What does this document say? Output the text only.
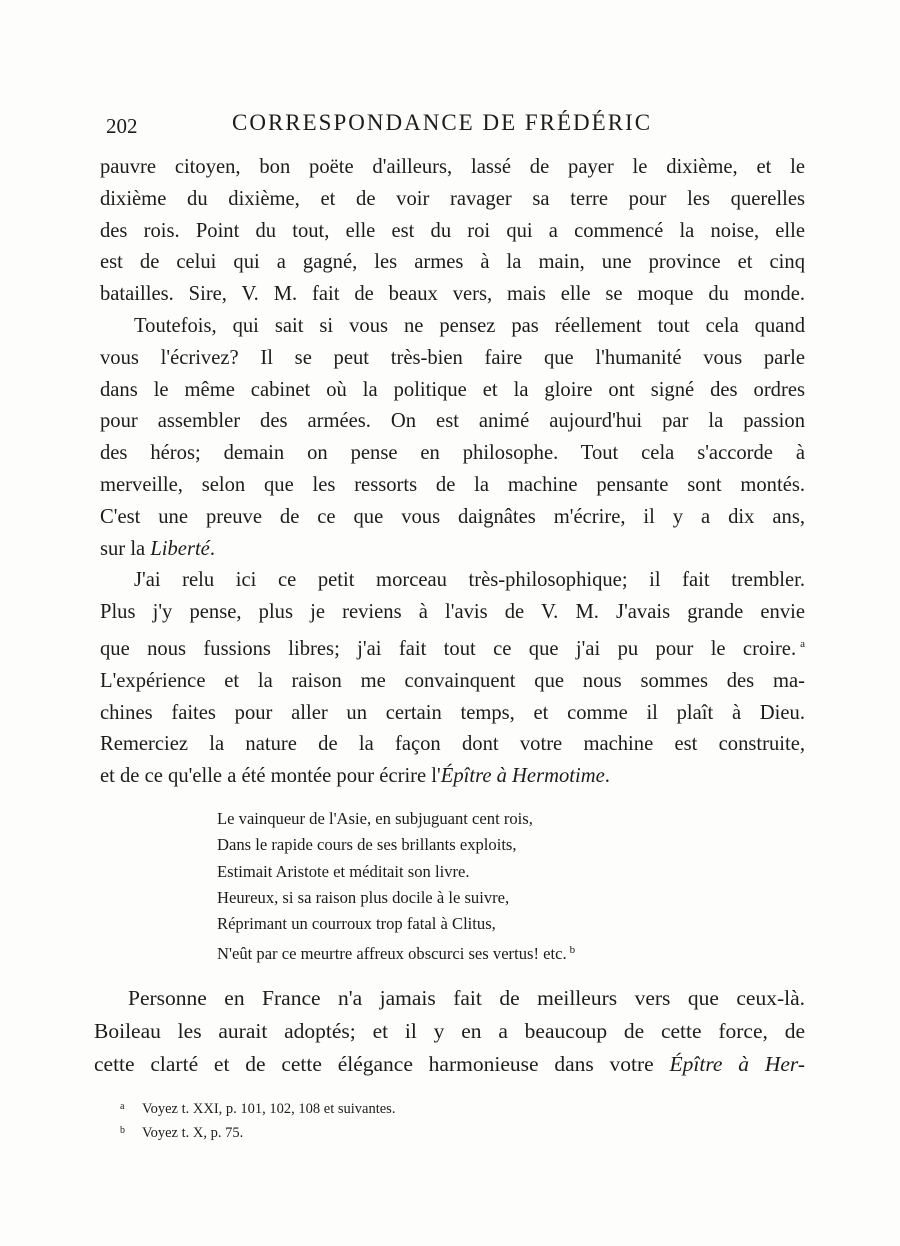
202	CORRESPONDANCE DE FRÉDÉRIC

pauvre citoyen, bon poëte d'ailleurs, lassé de payer le dixième, et le
dixième du dixième, et de voir ravager sa terre pour les querelles
des rois. Point du tout, elle est du roi qui a commencé la noise, elle
est de celui qui a gagné, les armes à la main, une province et cinq
batailles. Sire, V. M. fait de beaux vers, mais elle se moque du monde.

Toutefois, qui sait si vous ne pensez pas réellement tout cela quand
vous l'écrivez? Il se peut très-bien faire que l'humanité vous parle
dans le même cabinet où la politique et la gloire ont signé des ordres
pour assembler des armées. On est animé aujourd'hui par la passion
des héros; demain on pense en philosophe. Tout cela s'accorde à
merveille, selon que les ressorts de la machine pensante sont montés.
C'est une preuve de ce que vous daignâtes m'écrire, il y a dix ans,
sur la Liberté.

J'ai relu ici ce petit morceau très-philosophique; il fait trembler.
Plus j'y pense, plus je reviens à l'avis de V. M. J'avais grande envie
que nous fussions libres; j'ai fait tout ce que j'ai pu pour le croire. $^a$
L'expérience et la raison me convainquent que nous sommes des ma-
chines faites pour aller un certain temps, et comme il plaît à Dieu.
Remerciez la nature de la façon dont votre machine est construite,
et de ce qu'elle a été montée pour écrire l'Épître à Hermotime.

Le vainqueur de l'Asie, en subjuguant cent rois,
Dans le rapide cours de ses brillants exploits,
Estimait Aristote et méditait son livre.
Heureux, si sa raison plus docile à le suivre,
Réprimant un courroux trop fatal à Clitus,
N'eût par ce meurtre affreux obscurci ses vertus! etc. $^b$
Personne en France n'a jamais fait de meilleurs vers que ceux-là.
Boileau les aurait adoptés; et il y en a beaucoup de cette force, de
cette clarté et de cette élégance harmonieuse dans votre Épître à Her-
a Voyez t. XXI, p. 101, 102, 108 et suivantes.
b Voyez t. X, p. 75.
